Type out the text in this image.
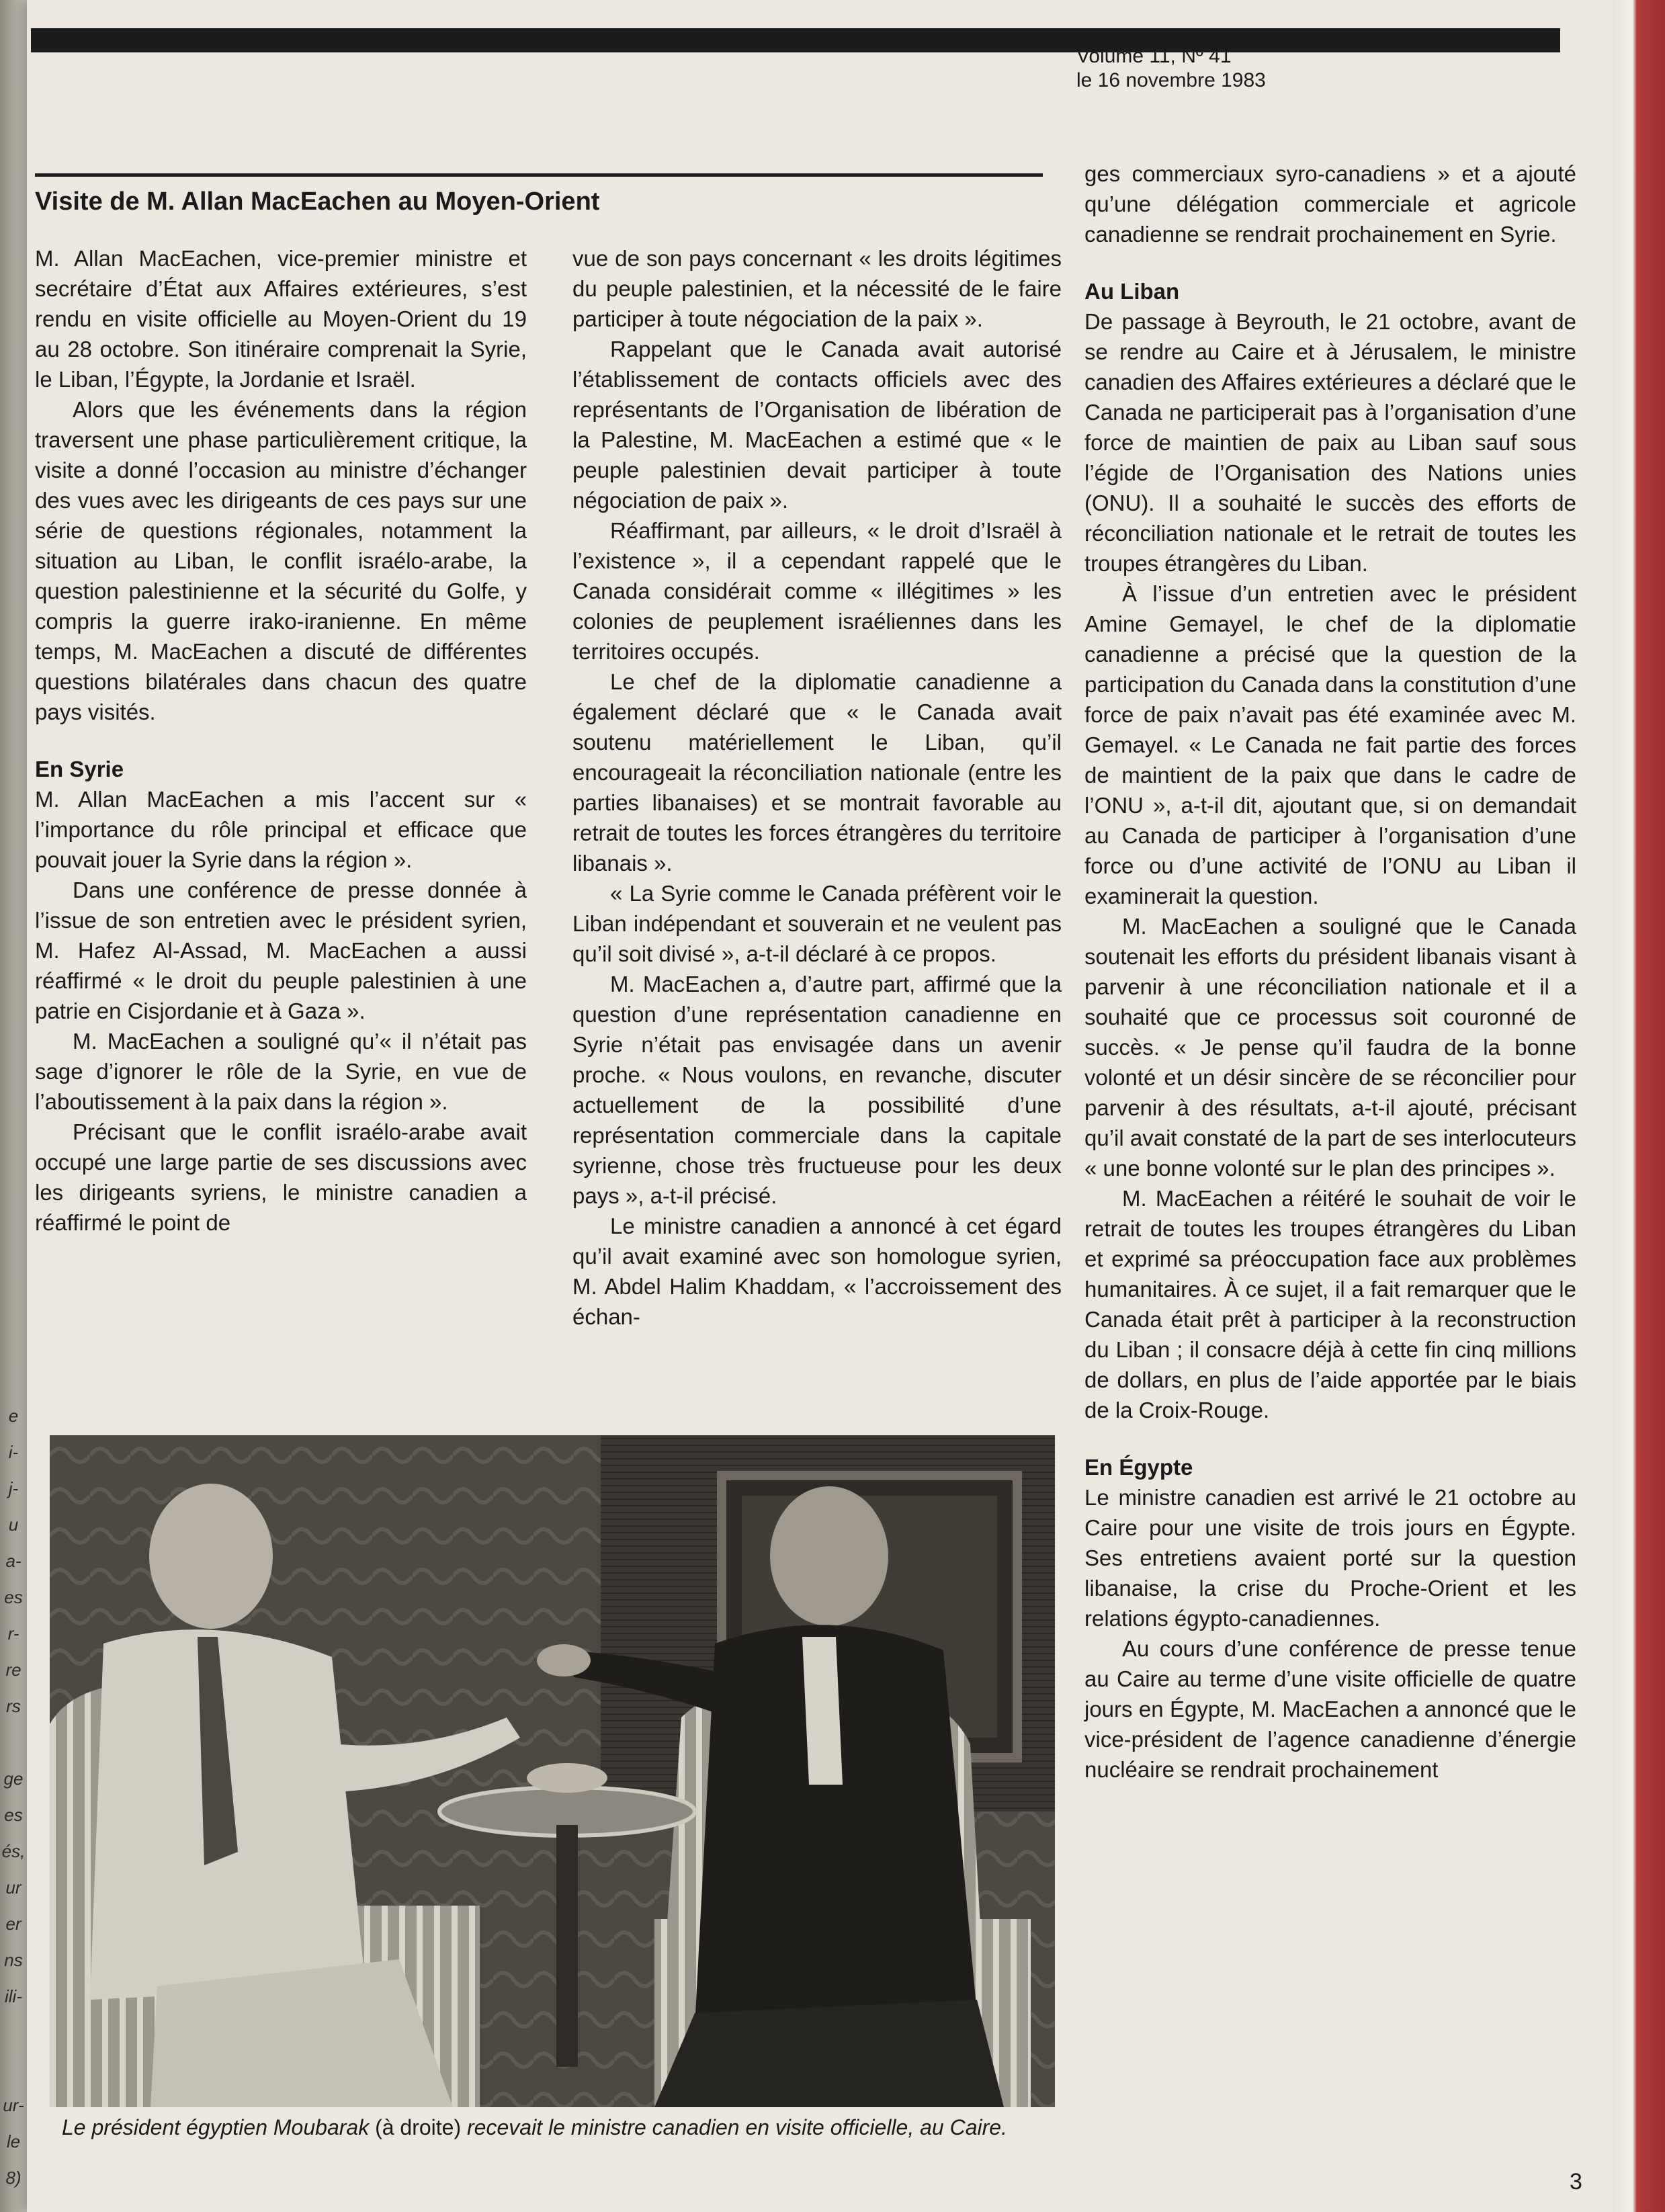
e
i-
j-
u
a-
es
r-
re
rs
ge
es
és,
ur
er
ns
ili-
ur-
le
8)
Volume 11, Nº 41
le 16 novembre 1983
Visite de M. Allan MacEachen au Moyen-Orient

M. Allan MacEachen, vice-premier ministre et secrétaire d’État aux Affaires extérieures, s’est rendu en visite officielle au Moyen-Orient du 19 au 28 octobre. Son itinéraire comprenait la Syrie, le Liban, l’Égypte, la Jordanie et Israël.

Alors que les événements dans la région traversent une phase particulièrement critique, la visite a donné l’occasion au ministre d’échanger des vues avec les dirigeants de ces pays sur une série de questions régionales, notamment la situation au Liban, le conflit israélo-arabe, la question palestinienne et la sécurité du Golfe, y compris la guerre irako-iranienne. En même temps, M. MacEachen a discuté de différentes questions bilatérales dans chacun des quatre pays visités.

En Syrie

M. Allan MacEachen a mis l’accent sur « l’importance du rôle principal et efficace que pouvait jouer la Syrie dans la région ».

Dans une conférence de presse donnée à l’issue de son entretien avec le président syrien, M. Hafez Al-Assad, M. MacEachen a aussi réaffirmé « le droit du peuple palestinien à une patrie en Cisjordanie et à Gaza ».

M. MacEachen a souligné qu’« il n’était pas sage d’ignorer le rôle de la Syrie, en vue de l’aboutissement à la paix dans la région ».

Précisant que le conflit israélo-arabe avait occupé une large partie de ses discussions avec les dirigeants syriens, le ministre canadien a réaffirmé le point de

vue de son pays concernant « les droits légitimes du peuple palestinien, et la nécessité de le faire participer à toute négociation de la paix ».

Rappelant que le Canada avait autorisé l’établissement de contacts officiels avec des représentants de l’Organisation de libération de la Palestine, M. MacEachen a estimé que « le peuple palestinien devait participer à toute négociation de paix ».

Réaffirmant, par ailleurs, « le droit d’Israël à l’existence », il a cependant rappelé que le Canada considérait comme « illégitimes » les colonies de peuplement israéliennes dans les territoires occupés.

Le chef de la diplomatie canadienne a également déclaré que « le Canada avait soutenu matériellement le Liban, qu’il encourageait la réconciliation nationale (entre les parties libanaises) et se montrait favorable au retrait de toutes les forces étrangères du territoire libanais ».

« La Syrie comme le Canada préfèrent voir le Liban indépendant et souverain et ne veulent pas qu’il soit divisé », a-t-il déclaré à ce propos.

M. MacEachen a, d’autre part, affirmé que la question d’une représentation canadienne en Syrie n’était pas envisagée dans un avenir proche. « Nous voulons, en revanche, discuter actuellement de la possibilité d’une représentation commerciale dans la capitale syrienne, chose très fructueuse pour les deux pays », a-t-il précisé.

Le ministre canadien a annoncé à cet égard qu’il avait examiné avec son homologue syrien, M. Abdel Halim Khaddam, « l’accroissement des échan-

ges commerciaux syro-canadiens » et a ajouté qu’une délégation commerciale et agricole canadienne se rendrait prochainement en Syrie.

Au Liban

De passage à Beyrouth, le 21 octobre, avant de se rendre au Caire et à Jérusalem, le ministre canadien des Affaires extérieures a déclaré que le Canada ne participerait pas à l’organisation d’une force de maintien de paix au Liban sauf sous l’égide de l’Organisation des Nations unies (ONU). Il a souhaité le succès des efforts de réconciliation nationale et le retrait de toutes les troupes étrangères du Liban.

À l’issue d’un entretien avec le président Amine Gemayel, le chef de la diplomatie canadienne a précisé que la question de la participation du Canada dans la constitution d’une force de paix n’avait pas été examinée avec M. Gemayel. « Le Canada ne fait partie des forces de maintient de la paix que dans le cadre de l’ONU », a-t-il dit, ajoutant que, si on demandait au Canada de participer à l’organisation d’une force ou d’une activité de l’ONU au Liban il examinerait la question.

M. MacEachen a souligné que le Canada soutenait les efforts du président libanais visant à parvenir à une réconciliation nationale et il a souhaité que ce processus soit couronné de succès. « Je pense qu’il faudra de la bonne volonté et un désir sincère de se réconcilier pour parvenir à des résultats, a-t-il ajouté, précisant qu’il avait constaté de la part de ses interlocuteurs « une bonne volonté sur le plan des principes ».

M. MacEachen a réitéré le souhait de voir le retrait de toutes les troupes étrangères du Liban et exprimé sa préoccupation face aux problèmes humanitaires. À ce sujet, il a fait remarquer que le Canada était prêt à participer à la reconstruction du Liban ; il consacre déjà à cette fin cinq millions de dollars, en plus de l’aide apportée par le biais de la Croix-Rouge.

En Égypte

Le ministre canadien est arrivé le 21 octobre au Caire pour une visite de trois jours en Égypte. Ses entretiens avaient porté sur la question libanaise, la crise du Proche-Orient et les relations égypto-canadiennes.

Au cours d’une conférence de presse tenue au Caire au terme d’une visite officielle de quatre jours en Égypte, M. MacEachen a annoncé que le vice-président de l’agence canadienne d’énergie nucléaire se rendrait prochainement

Le président égyptien Moubarak (à droite) recevait le ministre canadien en visite officielle, au Caire.
3
